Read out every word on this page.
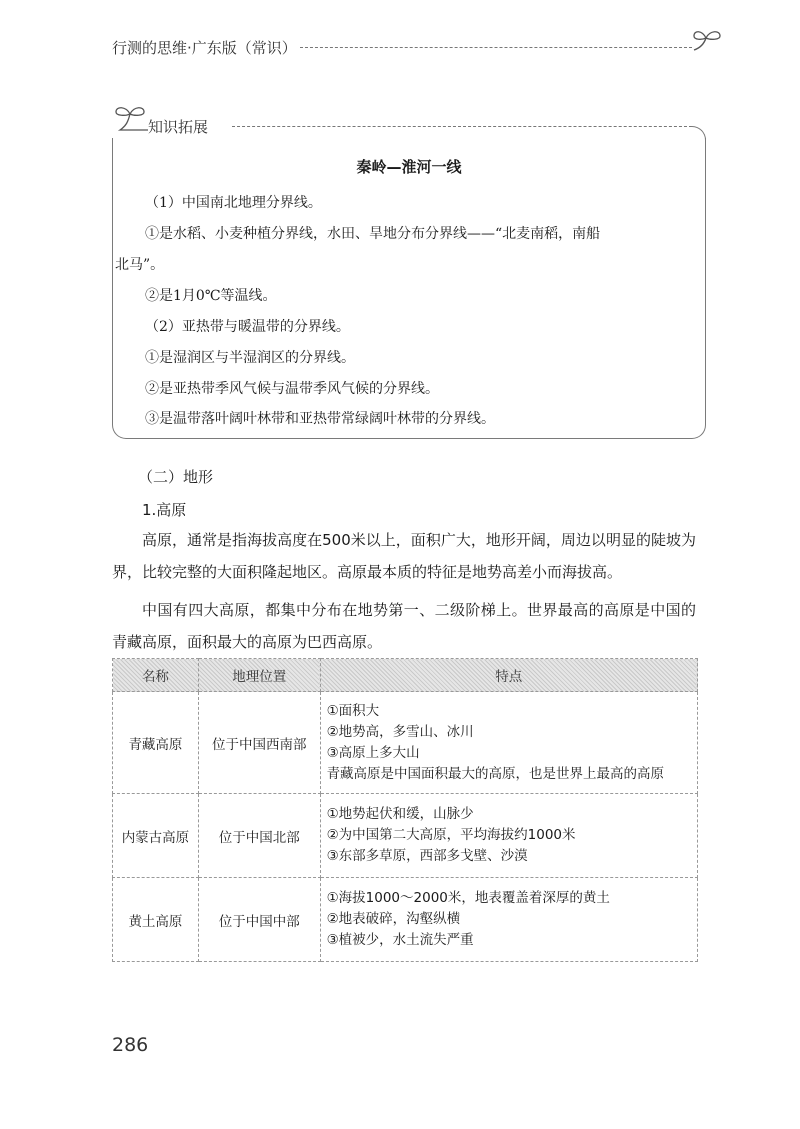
行测的思维·广东版（常识）
知识拓展
秦岭—淮河一线
（1）中国南北地理分界线。
①是水稻、小麦种植分界线，水田、旱地分布分界线——“北麦南稻，南船
北马”。
②是1月0℃等温线。
（2）亚热带与暖温带的分界线。
①是湿润区与半湿润区的分界线。
②是亚热带季风气候与温带季风气候的分界线。
③是温带落叶阔叶林带和亚热带常绿阔叶林带的分界线。
（二）地形
1.高原
高原，通常是指海拔高度在500米以上，面积广大，地形开阔，周边以明显的陡坡为界，比较完整的大面积隆起地区。高原最本质的特征是地势高差小而海拔高。
中国有四大高原，都集中分布在地势第一、二级阶梯上。世界最高的高原是中国的青藏高原，面积最大的高原为巴西高原。
名称	地理位置	特点
青藏高原	位于中国西南部	①面积大
②地势高，多雪山、冰川
③高原上多大山
青藏高原是中国面积最大的高原，也是世界上最高的高原

内蒙古高原	位于中国北部	①地势起伏和缓，山脉少
②为中国第二大高原，平均海拔约1000米
③东部多草原，西部多戈壁、沙漠

黄土高原	位于中国中部	①海拔1000～2000米，地表覆盖着深厚的黄土
②地表破碎，沟壑纵横
③植被少，水土流失严重
286
